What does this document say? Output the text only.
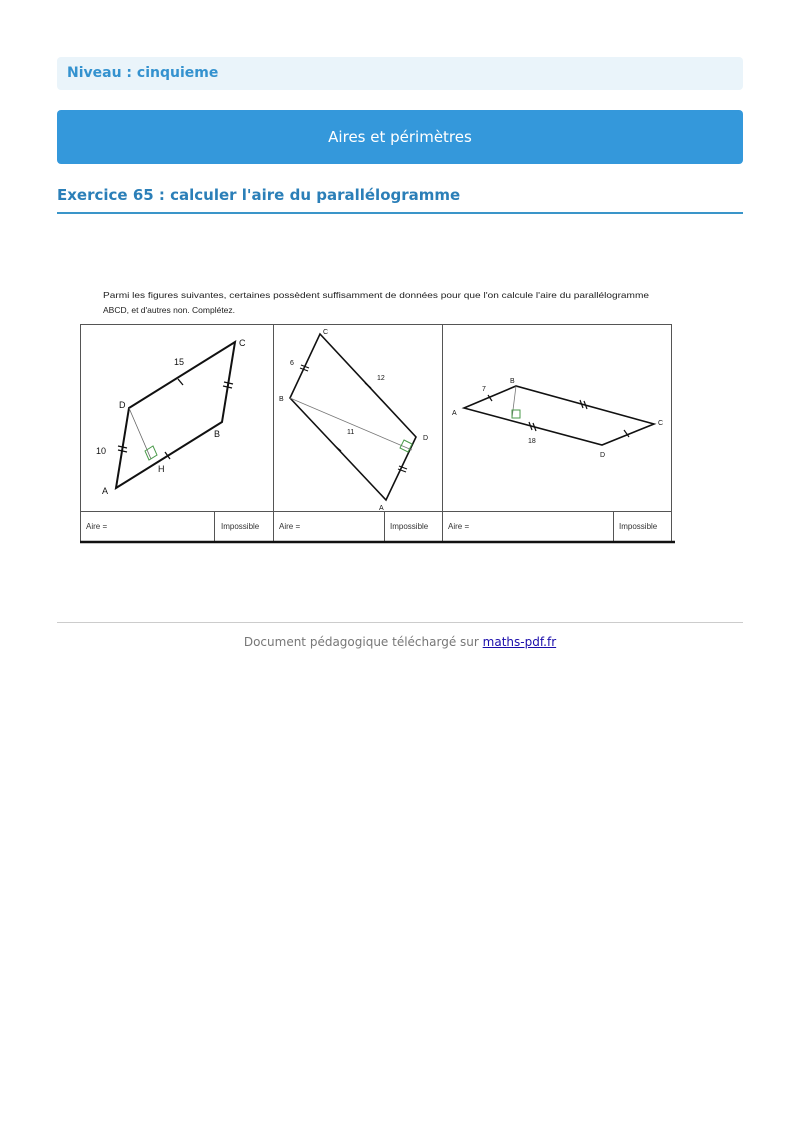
Niveau : cinquieme
Aires et périmètres
Exercice 65 : calculer l'aire du parallélogramme
Parmi les figures suivantes, certaines possèdent suffisamment de données pour que l'on calcule l'aire du parallélogramme
ABCD, et d'autres non. Complétez.
Aire =	Impossible Aire =	Impossible Aire =	Impossible
A
B
C
D
H
15
10
A
B
C
D
6
12
11
A
B
C
D
7
18
Document pédagogique téléchargé sur maths-pdf.fr
